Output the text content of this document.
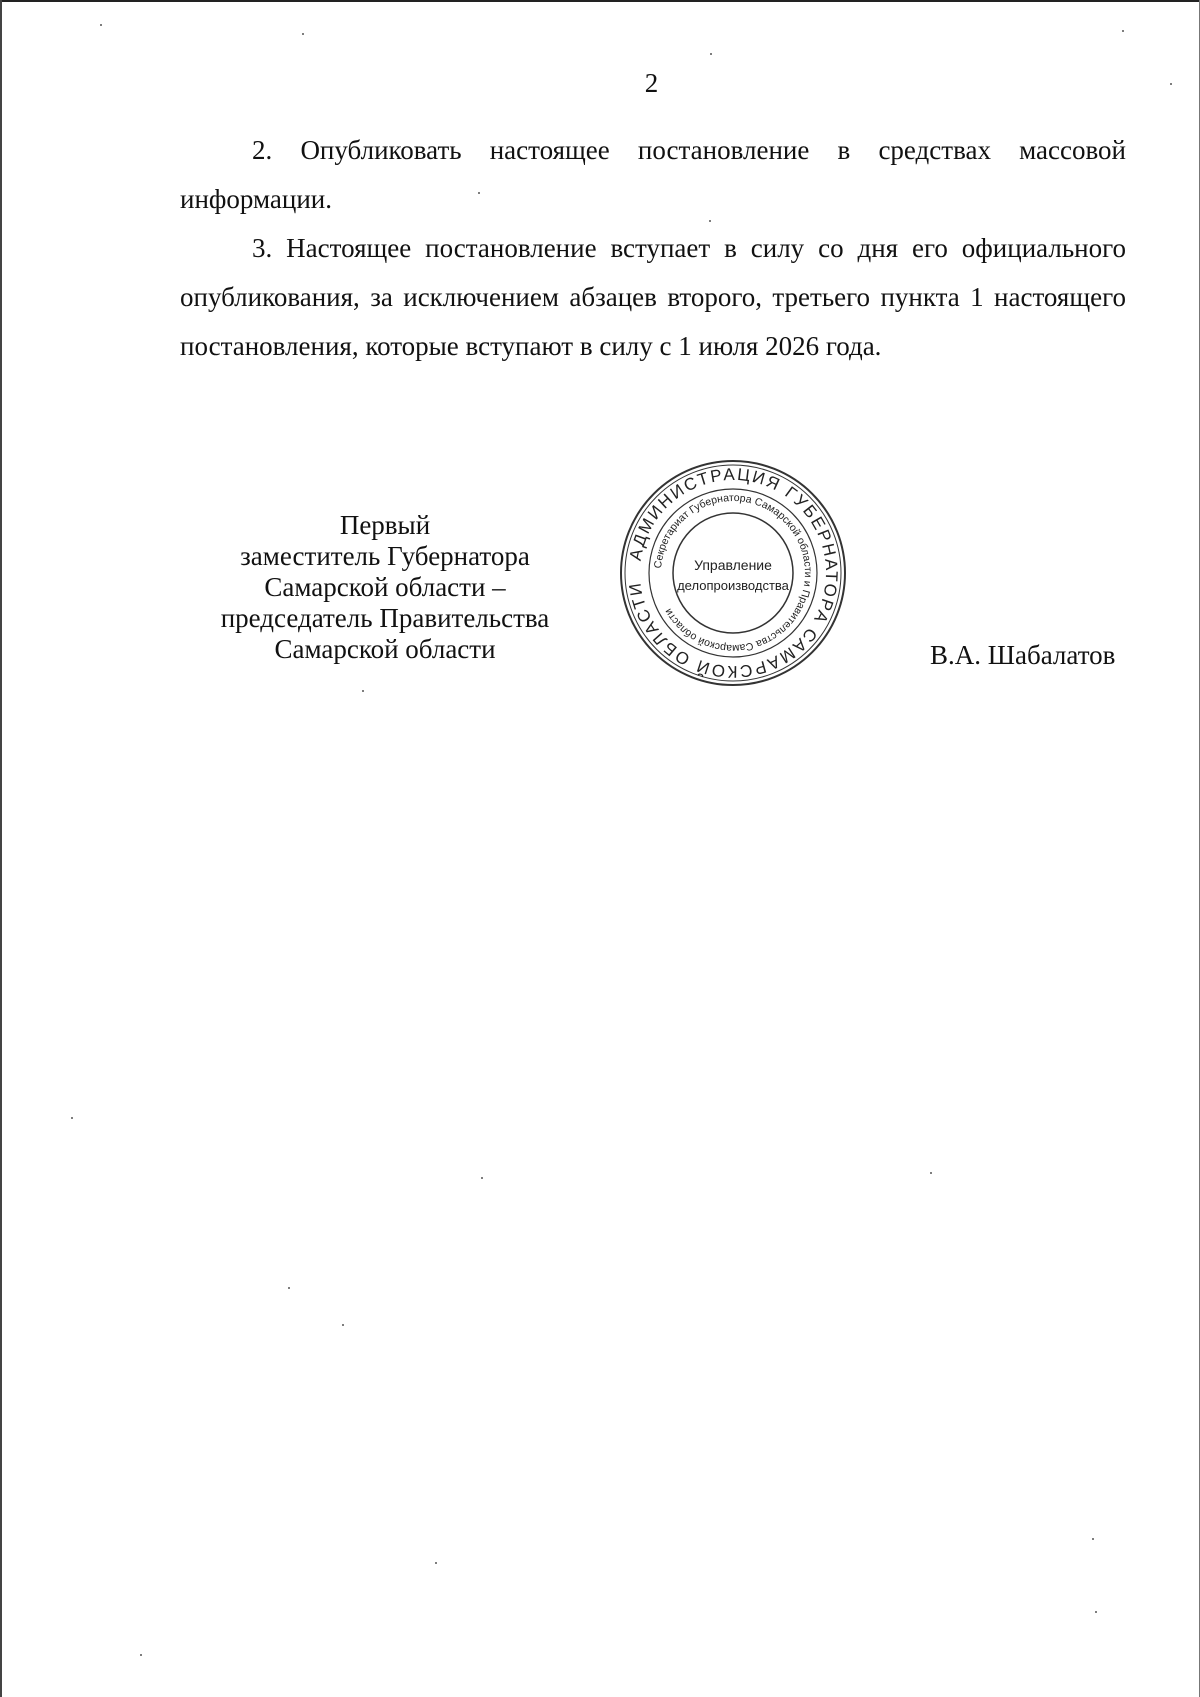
2

2. Опубликовать настоящее постановление в средствах массовой информации.

3. Настоящее постановление вступает в силу со дня его официального опубликования, за исключением абзацев второго, третьего пункта 1 настоящего постановления, которые вступают в силу с 1 июля 2026 года.

Первый
заместитель Губернатора
Самарской области –
председатель Правительства
Самарской области
АДМИНИСТРАЦИЯ ГУБЕРНАТОРА САМАРСКОЙ ОБЛАСТИ
Секретариат Губернатора Самарской области и Правительства Самарской области
Управление
делопроизводства
В.А. Шабалатов
